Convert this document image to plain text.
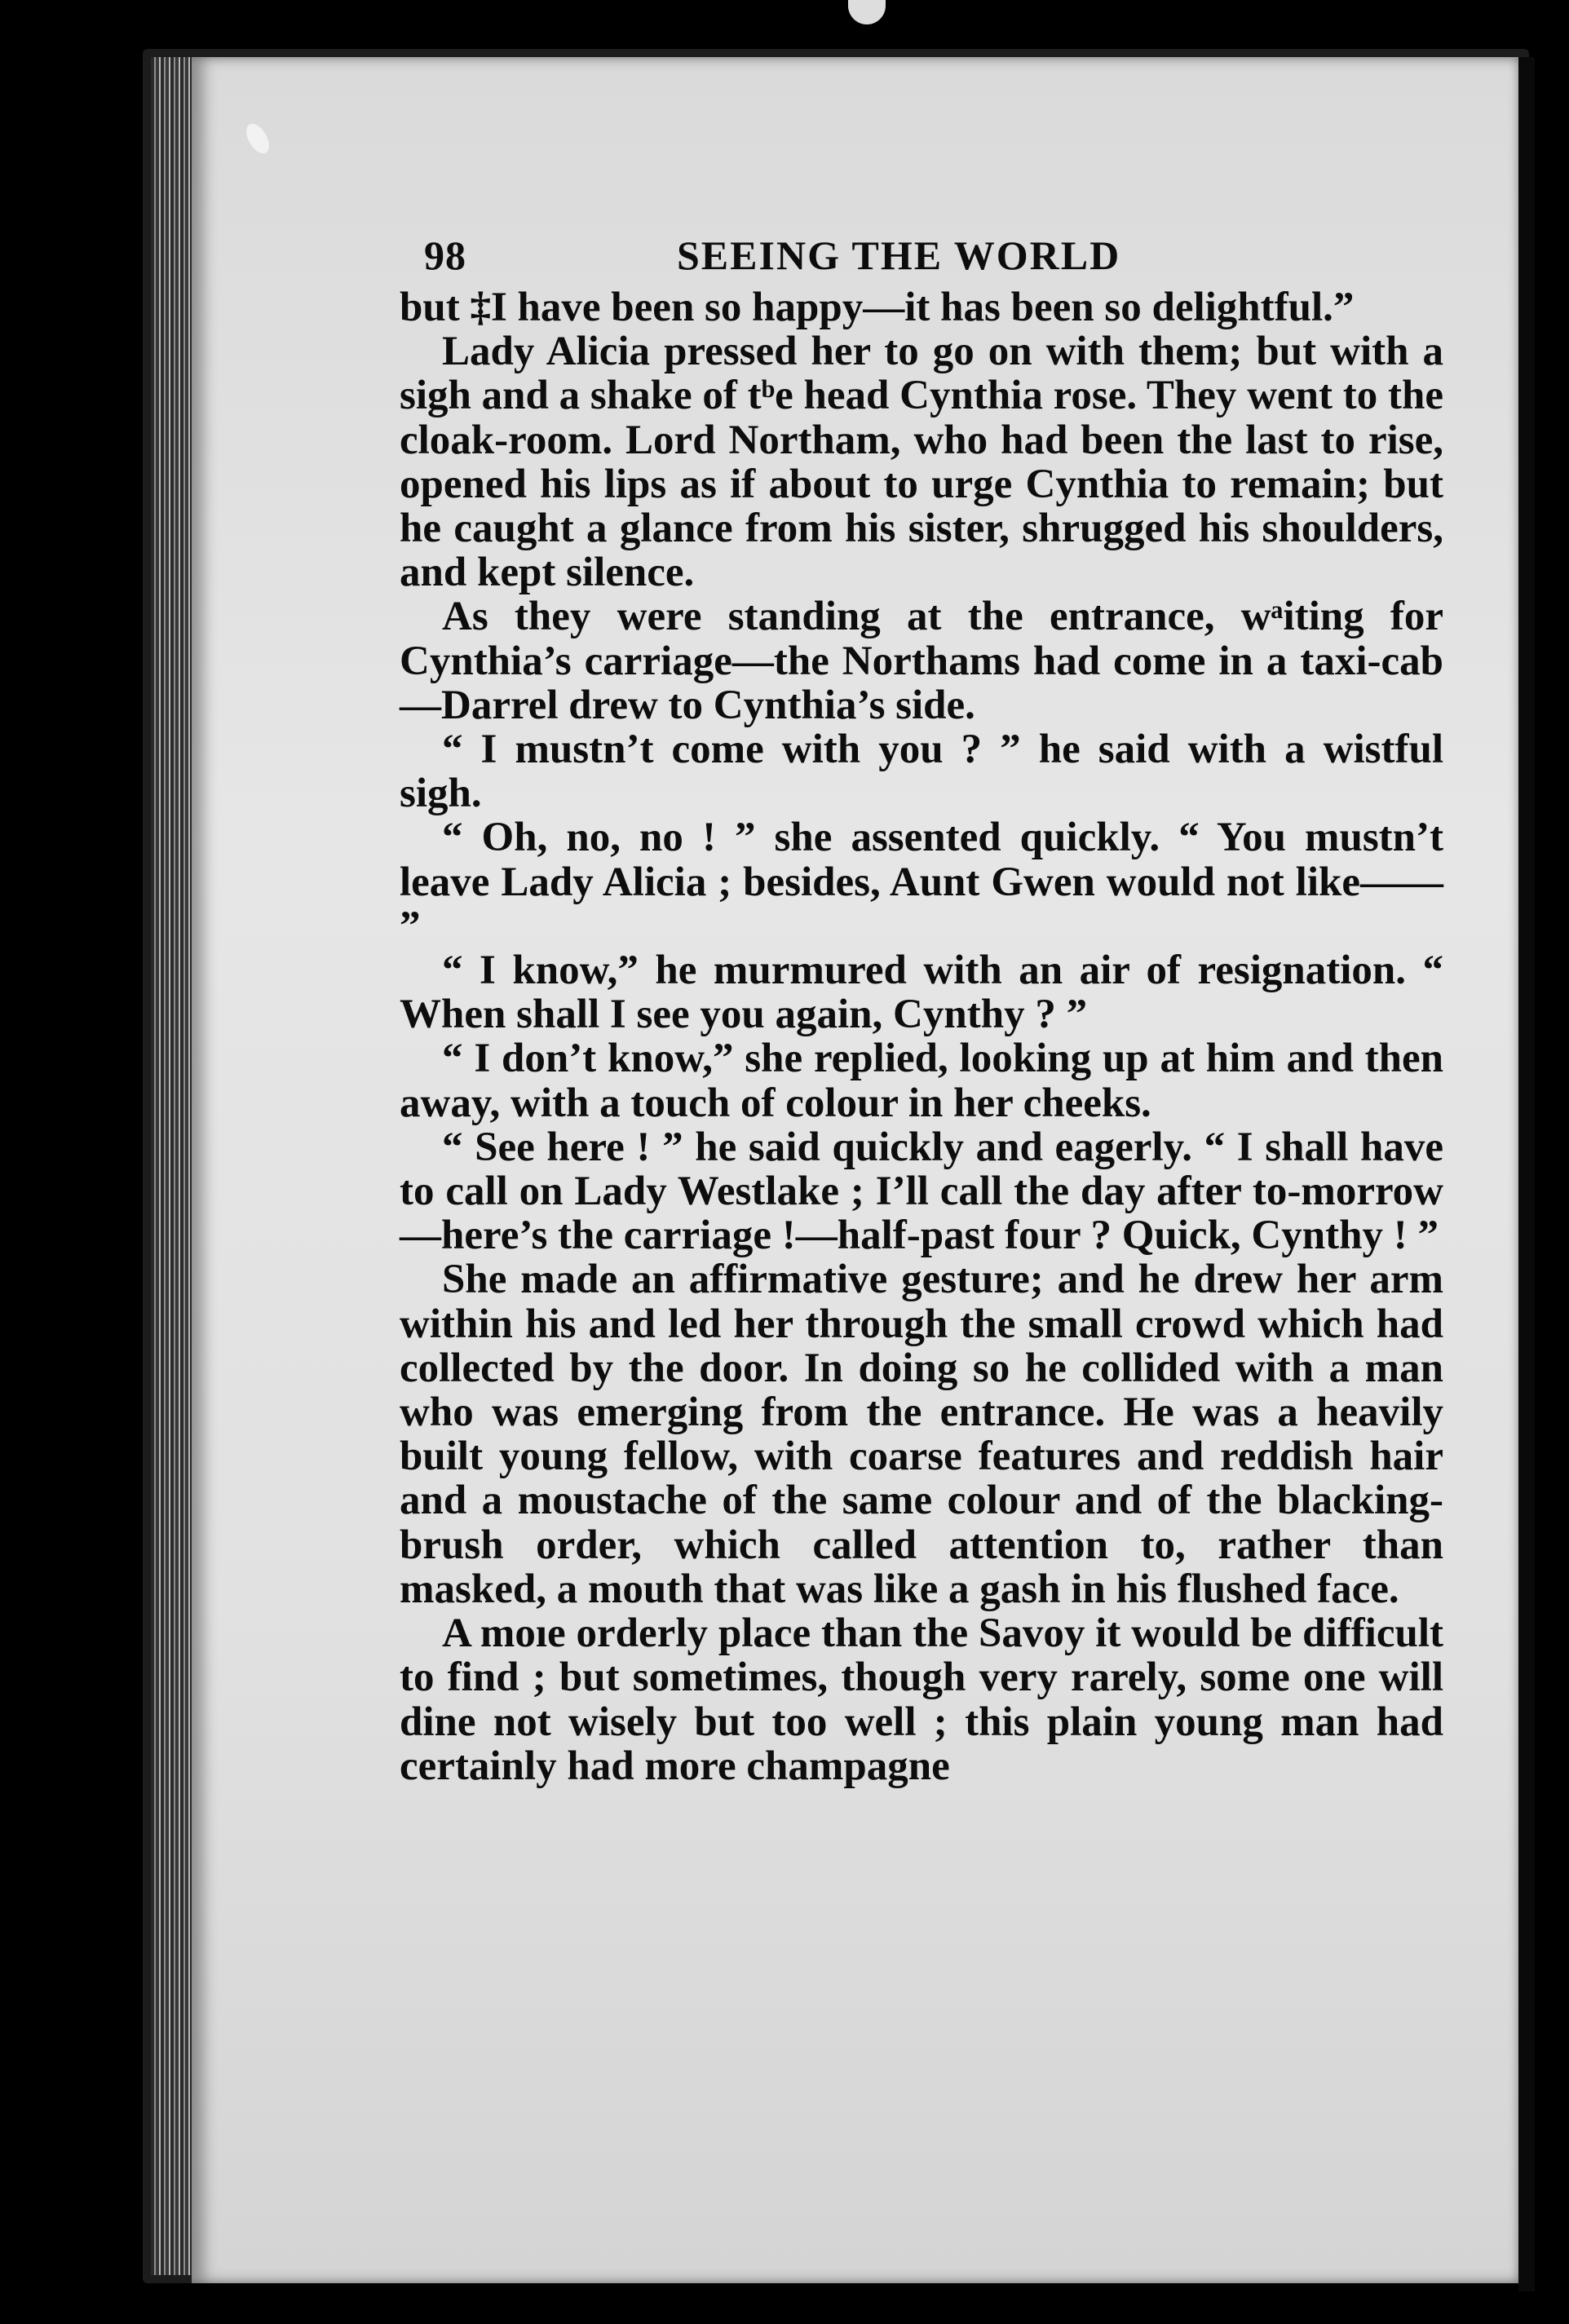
98	SEEING THE WORLD

but ‡I have been so happy—it has been so delightful.”

Lady Alicia pressed her to go on with them; but with a sigh and a shake of tᵇe head Cynthia rose. They went to the cloak-room. Lord Northam, who had been the last to rise, opened his lips as if about to urge Cynthia to remain; but he caught a glance from his sister, shrugged his shoulders, and kept silence.

As they were standing at the entrance, wᵃiting for Cynthia’s carriage—the Northams had come in a taxi-cab—Darrel drew to Cynthia’s side.

“ I mustn’t come with you ? ” he said with a wistful sigh.

“ Oh, no, no ! ” she assented quickly. “ You mustn’t leave Lady Alicia ; besides, Aunt Gwen would not like—— ”

“ I know,” he murmured with an air of resignation. “ When shall I see you again, Cynthy ? ”

“ I don’t know,” she replied, looking up at him and then away, with a touch of colour in her cheeks.

“ See here ! ” he said quickly and eagerly. “ I shall have to call on Lady Westlake ; I’ll call the day after to-morrow—here’s the carriage !—half-past four ? Quick, Cynthy ! ”

She made an affirmative gesture; and he drew her arm within his and led her through the small crowd which had collected by the door. In doing so he collided with a man who was emerging from the entrance. He was a heavily built young fellow, with coarse features and reddish hair and a moustache of the same colour and of the blacking-brush order, which called attention to, rather than masked, a mouth that was like a gash in his flushed face.

A moıe orderly place than the Savoy it would be difficult to find ; but sometimes, though very rarely, some one will dine not wisely but too well ; this plain young man had certainly had more champagne
